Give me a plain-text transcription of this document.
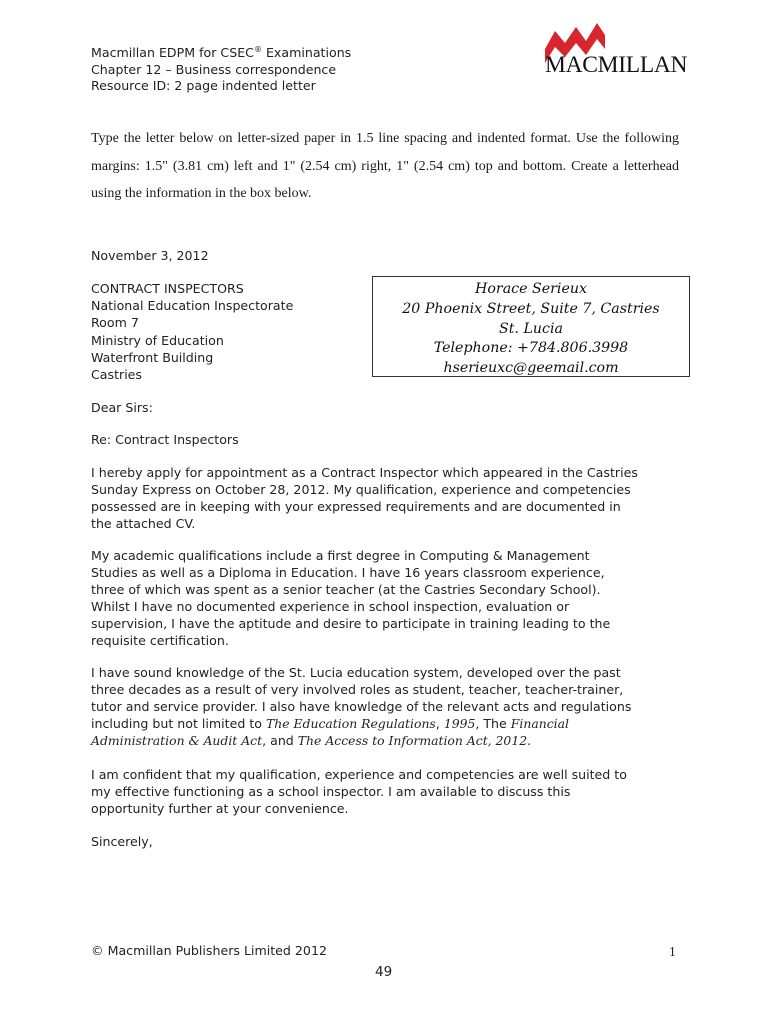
Macmillan EDPM for CSEC® Examinations
Chapter 12 – Business correspondence
Resource ID: 2 page indented letter
MACMILLAN
Type the letter below on letter-sized paper in 1.5 line spacing and indented format. Use the following margins: 1.5" (3.81 cm) left and 1" (2.54 cm) right, 1" (2.54 cm) top and bottom. Create a letterhead using the information in the box below.
November 3, 2012
CONTRACT INSPECTORS
National Education Inspectorate
Room 7
Ministry of Education
Waterfront Building
Castries
Horace Serieux
20 Phoenix Street, Suite 7, Castries
St. Lucia
Telephone: +784.806.3998
hserieuxc@geemail.com
Dear Sirs:
Re: Contract Inspectors
I hereby apply for appointment as a Contract Inspector which appeared in the Castries
Sunday Express on October 28, 2012. My qualification, experience and competencies
possessed are in keeping with your expressed requirements and are documented in
the attached CV.
My academic qualifications include a first degree in Computing & Management
Studies as well as a Diploma in Education. I have 16 years classroom experience,
three of which was spent as a senior teacher (at the Castries Secondary School).
Whilst I have no documented experience in school inspection, evaluation or
supervision, I have the aptitude and desire to participate in training leading to the
requisite certification.
I have sound knowledge of the St. Lucia education system, developed over the past
three decades as a result of very involved roles as student, teacher, teacher-trainer,
tutor and service provider. I also have knowledge of the relevant acts and regulations
including but not limited to The Education Regulations, 1995, The Financial
Administration & Audit Act, and The Access to Information Act, 2012.
I am confident that my qualification, experience and competencies are well suited to
my effective functioning as a school inspector. I am available to discuss this
opportunity further at your convenience.
Sincerely,
© Macmillan Publishers Limited 2012	1
49
